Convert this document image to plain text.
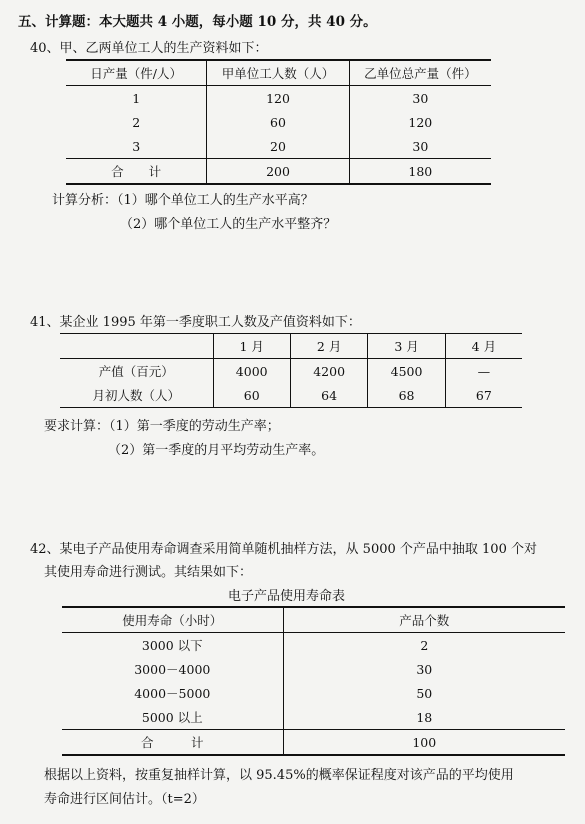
五、计算题：本大题共 4 小题，每小题 10 分，共 40 分。
40、甲、乙两单位工人的生产资料如下：
日产量（件/人）	甲单位工人数（人）	乙单位总产量（件）
1	120	30
2	60	120
3	20	30
合　　计	200	180
计算分析：（1）哪个单位工人的生产水平高？
（2）哪个单位工人的生产水平整齐？
41、某企业 1995 年第一季度职工人数及产值资料如下：
	1 月	2 月	3 月	4 月
产值（百元）	4000	4200	4500	—
月初人数（人）	60	64	68	67
要求计算：（1）第一季度的劳动生产率；
（2）第一季度的月平均劳动生产率。
42、某电子产品使用寿命调查采用简单随机抽样方法，从 5000 个产品中抽取 100 个对
其使用寿命进行测试。其结果如下：
电子产品使用寿命表
使用寿命（小时）	产品个数
3000 以下	2
3000－4000	30
4000－5000	50
5000 以上	18
合　　　计	100
根据以上资料，按重复抽样计算，以 95.45%的概率保证程度对该产品的平均使用
寿命进行区间估计。（t=2）
